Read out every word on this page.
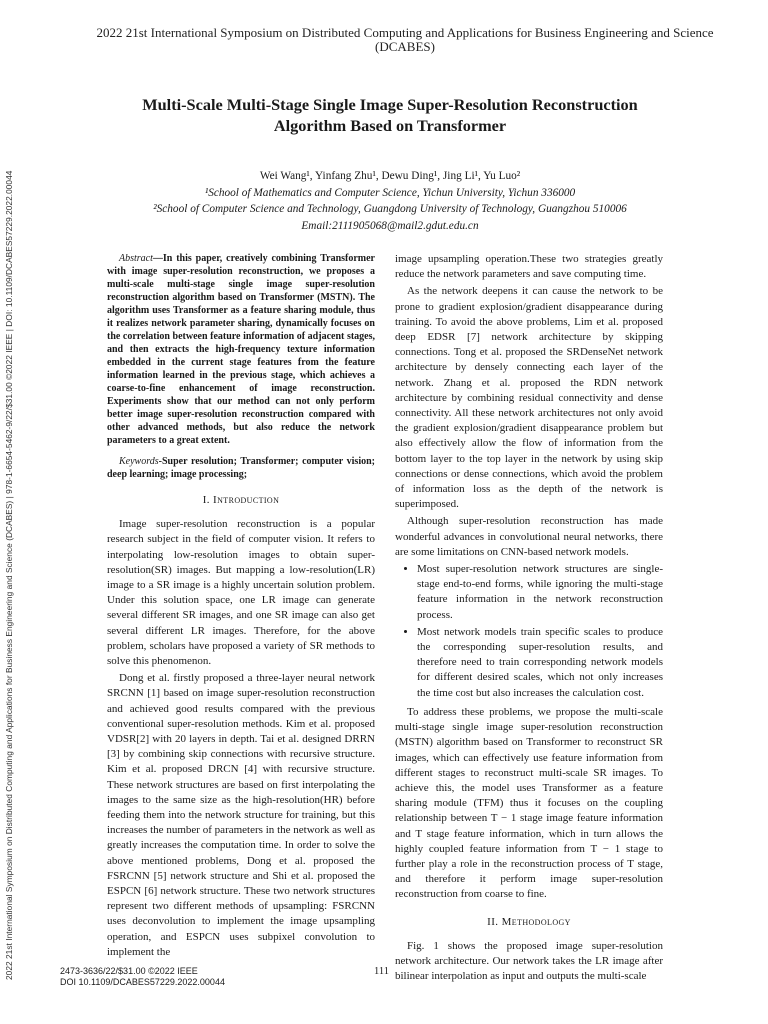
2022 21st International Symposium on Distributed Computing and Applications for Business Engineering and Science (DCABES) | 978-1-6654-5462-9/22/$31.00 ©2022 IEEE | DOI: 10.1109/DCABES57229.2022.00044
2022 21st International Symposium on Distributed Computing and Applications for Business Engineering and Science
(DCABES)
Multi-Scale Multi-Stage Single Image Super-Resolution Reconstruction
Algorithm Based on Transformer
Wei Wang¹, Yinfang Zhu¹, Dewu Ding¹, Jing Li¹, Yu Luo²
¹School of Mathematics and Computer Science, Yichun University, Yichun 336000
²School of Computer Science and Technology, Guangdong University of Technology, Guangzhou 510006
Email:2111905068@mail2.gdut.edu.cn

Abstract—In this paper, creatively combining Transformer with image super-resolution reconstruction, we proposes a multi-scale multi-stage single image super-resolution reconstruction algorithm based on Transformer (MSTN). The algorithm uses Transformer as a feature sharing module, thus it realizes network parameter sharing, dynamically focuses on the correlation between feature information of adjacent stages, and then extracts the high-frequency texture information embedded in the current stage features from the feature information learned in the previous stage, which achieves a coarse-to-fine enhancement of image reconstruction. Experiments show that our method can not only perform better image super-resolution reconstruction compared with other advanced methods, but also reduce the network parameters to a great extent.

Keywords-Super resolution; Transformer; computer vision; deep learning; image processing;

I. Introduction

Image super-resolution reconstruction is a popular research subject in the field of computer vision. It refers to interpolating low-resolution images to obtain super-resolution(SR) images. But mapping a low-resolution(LR) image to a SR image is a highly uncertain solution problem. Under this solution space, one LR image can generate several different SR images, and one SR image can also get several different LR images. Therefore, for the above problem, scholars have proposed a variety of SR methods to solve this phenomenon.

Dong et al. firstly proposed a three-layer neural network SRCNN [1] based on image super-resolution reconstruction and achieved good results compared with the previous conventional super-resolution methods. Kim et al. proposed VDSR[2] with 20 layers in depth. Tai et al. designed DRRN [3] by combining skip connections with recursive structure. Kim et al. proposed DRCN [4] with recursive structure. These network structures are based on first interpolating the images to the same size as the high-resolution(HR) before feeding them into the network structure for training, but this increases the number of parameters in the network as well as greatly increases the computation time. In order to solve the above mentioned problems, Dong et al. proposed the FSRCNN [5] network structure and Shi et al. proposed the ESPCN [6] network structure. These two network structures represent two different methods of upsampling: FSRCNN uses deconvolution to implement the image upsampling operation, and ESPCN uses subpixel convolution to implement the

image upsampling operation.These two strategies greatly reduce the network parameters and save computing time.

As the network deepens it can cause the network to be prone to gradient explosion/gradient disappearance during training. To avoid the above problems, Lim et al. proposed deep EDSR [7] network architecture by skipping connections. Tong et al. proposed the SRDenseNet network architecture by densely connecting each layer of the network. Zhang et al. proposed the RDN network architecture by combining residual connectivity and dense connectivity. All these network architectures not only avoid the gradient explosion/gradient disappearance problem but also effectively allow the flow of information from the bottom layer to the top layer in the network by using skip connections or dense connections, which avoid the problem of information loss as the depth of the network is superimposed.

Although super-resolution reconstruction has made wonderful advances in convolutional neural networks, there are some limitations on CNN-based network models.

• Most super-resolution network structures are single-stage end-to-end forms, while ignoring the multi-stage feature information in the network reconstruction process.
• Most network models train specific scales to produce the corresponding super-resolution results, and therefore need to train corresponding network models for different desired scales, which not only increases the time cost but also increases the calculation cost.

To address these problems, we propose the multi-scale multi-stage single image super-resolution reconstruction (MSTN) algorithm based on Transformer to reconstruct SR images, which can effectively use feature information from different stages to reconstruct multi-scale SR images. To achieve this, the model uses Transformer as a feature sharing module (TFM) thus it focuses on the coupling relationship between T − 1 stage image feature information and T stage feature information, which in turn allows the highly coupled feature information from T − 1 stage to further play a role in the reconstruction process of T stage, and therefore it perform image super-resolution reconstruction from coarse to fine.

II. Methodology

Fig. 1 shows the proposed image super-resolution network architecture. Our network takes the LR image after bilinear interpolation as input and outputs the multi-scale

2473-3636/22/$31.00 ©2022 IEEE
DOI 10.1109/DCABES57229.2022.00044
111
